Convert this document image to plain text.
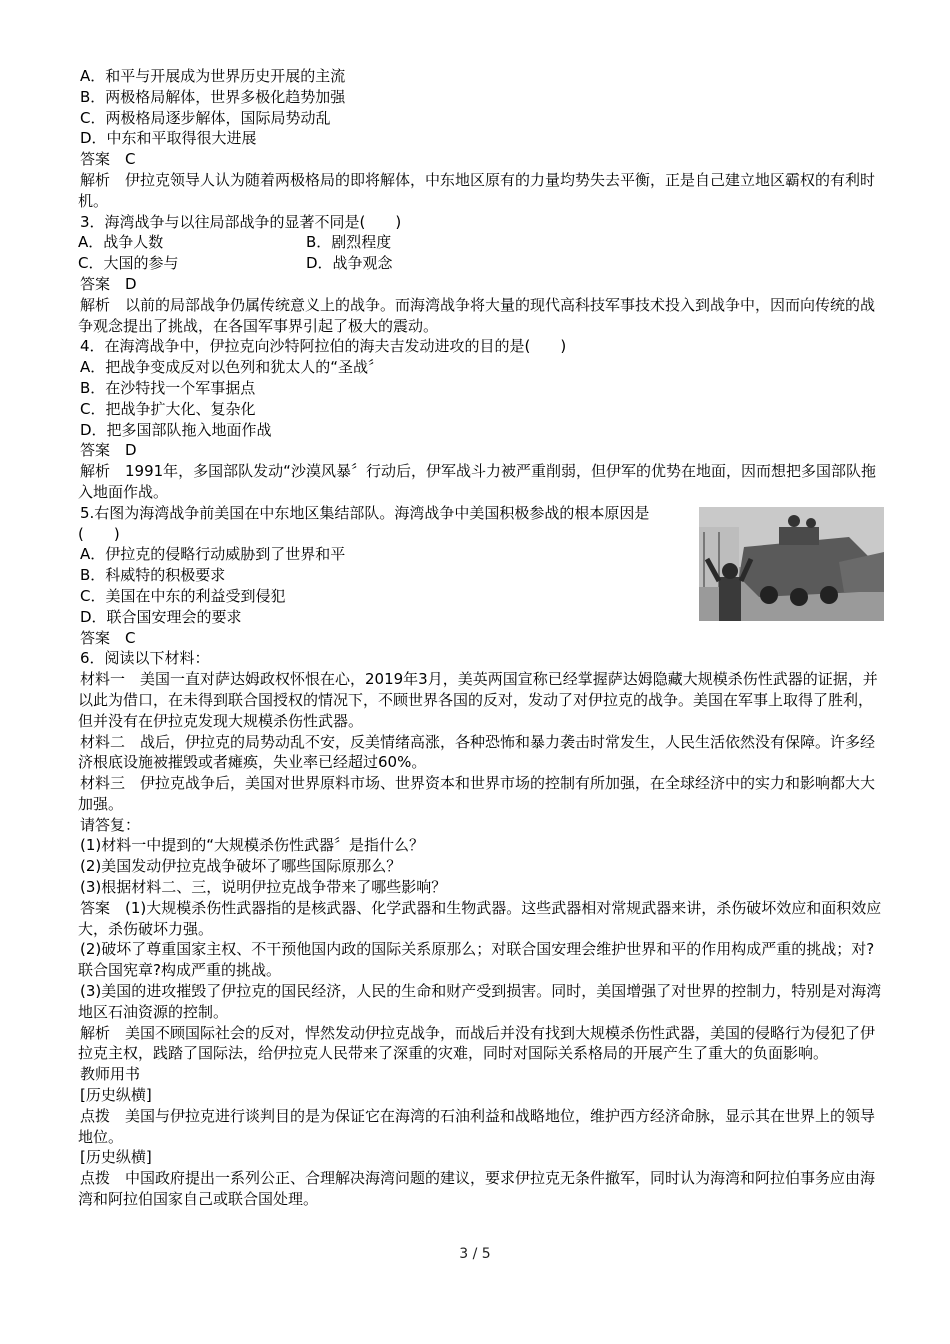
A．和平与开展成为世界历史开展的主流

B．两极格局解体，世界多极化趋势加强

C．两极格局逐步解体，国际局势动乱

D．中东和平取得很大进展

答案　C

解析　伊拉克领导人认为随着两极格局的即将解体，中东地区原有的力量均势失去平衡，正是自己建立地区霸权的有利时机。

3．海湾战争与以往局部战争的显著不同是(　　)

A．战争人数	B．剧烈程度
C．大国的参与	D．战争观念

答案　D

解析　以前的局部战争仍属传统意义上的战争。而海湾战争将大量的现代高科技军事技术投入到战争中，因而向传统的战争观念提出了挑战，在各国军事界引起了极大的震动。

4．在海湾战争中，伊拉克向沙特阿拉伯的海夫吉发动进攻的目的是(　　)

A．把战争变成反对以色列和犹太人的“圣战〞

B．在沙特找一个军事据点

C．把战争扩大化、复杂化

D．把多国部队拖入地面作战

答案　D

解析　1991年，多国部队发动“沙漠风暴〞行动后，伊军战斗力被严重削弱，但伊军的优势在地面，因而想把多国部队拖入地面作战。

5.右图为海湾战争前美国在中东地区集结部队。海湾战争中美国积极参战的根本原因是(　　)

A．伊拉克的侵略行动威胁到了世界和平

B．科威特的积极要求

C．美国在中东的利益受到侵犯

D．联合国安理会的要求

答案　C

6．阅读以下材料：

材料一　美国一直对萨达姆政权怀恨在心，2019年3月，美英两国宣称已经掌握萨达姆隐藏大规模杀伤性武器的证据，并以此为借口，在未得到联合国授权的情况下，不顾世界各国的反对，发动了对伊拉克的战争。美国在军事上取得了胜利，但并没有在伊拉克发现大规模杀伤性武器。

材料二　战后，伊拉克的局势动乱不安，反美情绪高涨，各种恐怖和暴力袭击时常发生，人民生活依然没有保障。许多经济根底设施被摧毁或者瘫痪，失业率已经超过60%。

材料三　伊拉克战争后，美国对世界原料市场、世界资本和世界市场的控制有所加强，在全球经济中的实力和影响都大大加强。

请答复：

(1)材料一中提到的“大规模杀伤性武器〞是指什么？

(2)美国发动伊拉克战争破坏了哪些国际原那么？

(3)根据材料二、三，说明伊拉克战争带来了哪些影响？

答案　(1)大规模杀伤性武器指的是核武器、化学武器和生物武器。这些武器相对常规武器来讲，杀伤破坏效应和面积效应大，杀伤破坏力强。

(2)破坏了尊重国家主权、不干预他国内政的国际关系原那么；对联合国安理会维护世界和平的作用构成严重的挑战；对?联合国宪章?构成严重的挑战。

(3)美国的进攻摧毁了伊拉克的国民经济，人民的生命和财产受到损害。同时，美国增强了对世界的控制力，特别是对海湾地区石油资源的控制。

解析　美国不顾国际社会的反对，悍然发动伊拉克战争，而战后并没有找到大规模杀伤性武器，美国的侵略行为侵犯了伊拉克主权，践踏了国际法，给伊拉克人民带来了深重的灾难，同时对国际关系格局的开展产生了重大的负面影响。

教师用书

[历史纵横]

点拨　美国与伊拉克进行谈判目的是为保证它在海湾的石油利益和战略地位，维护西方经济命脉，显示其在世界上的领导地位。

[历史纵横]

点拨　中国政府提出一系列公正、合理解决海湾问题的建议，要求伊拉克无条件撤军，同时认为海湾和阿拉伯事务应由海湾和阿拉伯国家自己或联合国处理。

3 / 5
